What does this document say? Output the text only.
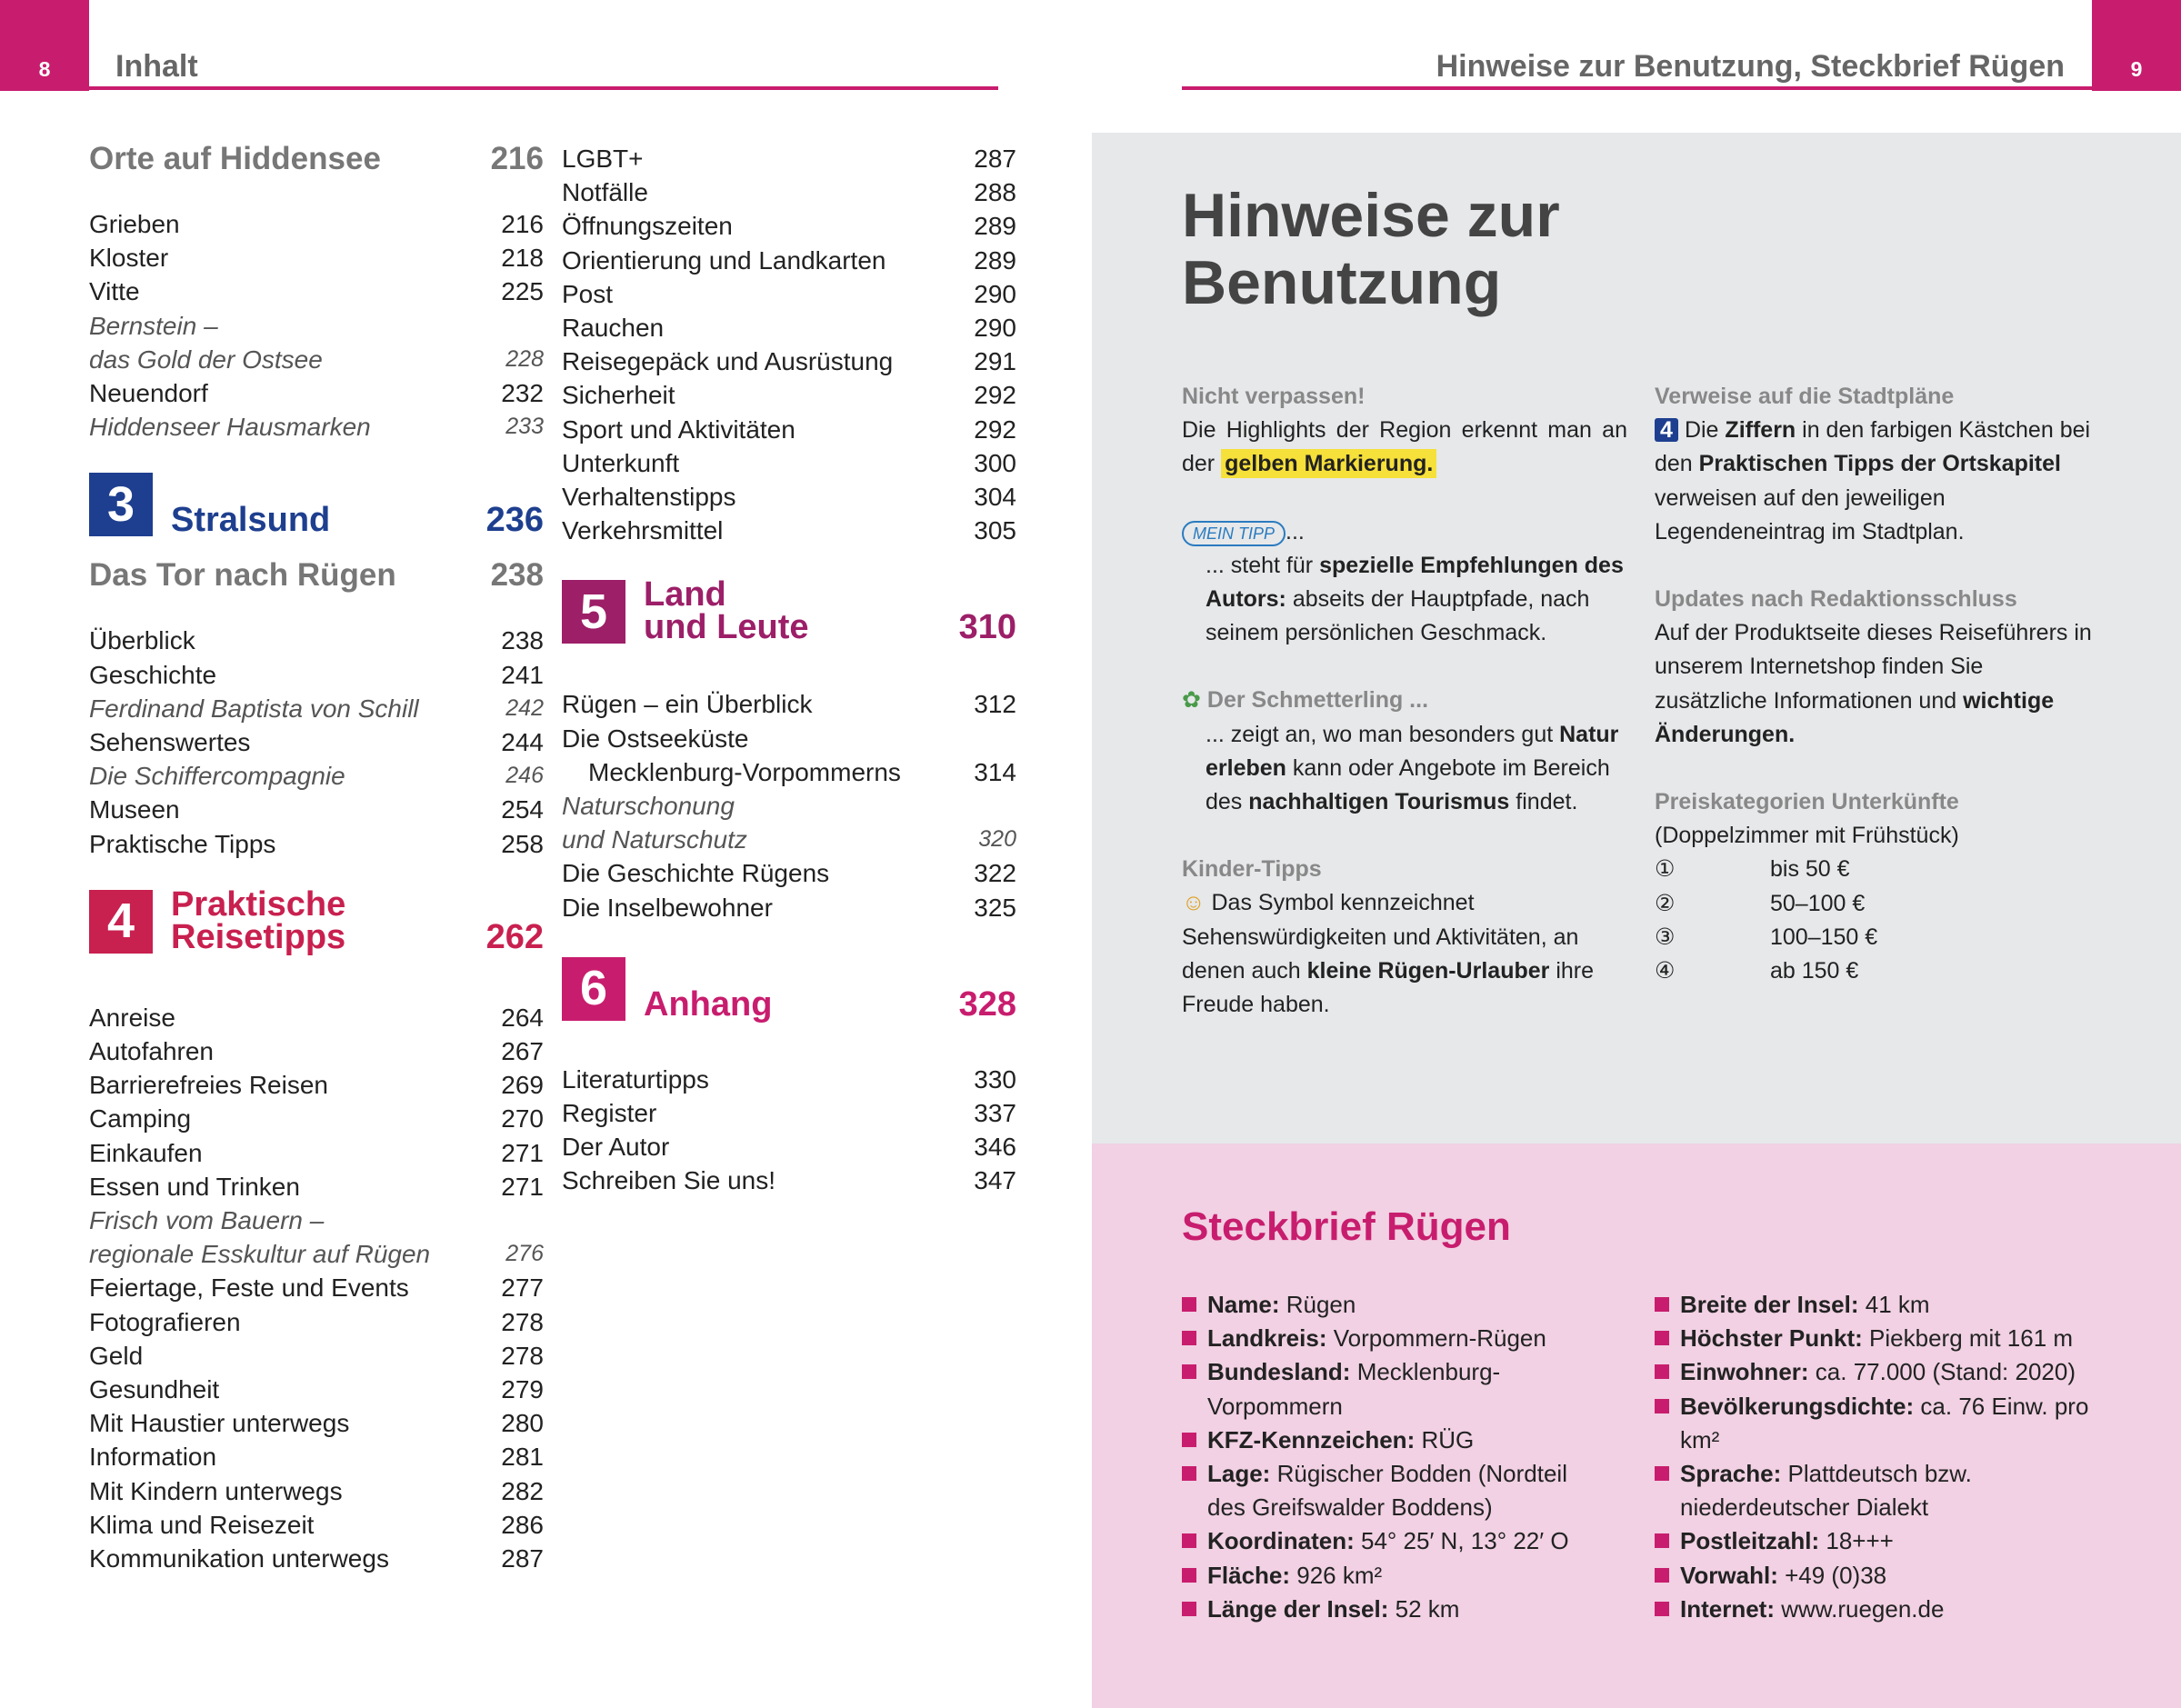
8	Inhalt	9
Hinweise zur Benutzung, Steckbrief Rügen
Orte auf Hiddensee	216
Grieben	216
Kloster	218
Vitte	225
Bernstein –
das Gold der Ostsee	228
Neuendorf	232
Hiddenseer Hausmarken	233
3	Stralsund	236
Das Tor nach Rügen	238
Überblick	238
Geschichte	241
Ferdinand Baptista von Schill	242
Sehenswertes	244
Die Schiffercompagnie	246
Museen	254
Praktische Tipps	258
4	Praktische
Reisetipps	262
Anreise	264
Autofahren	267
Barrierefreies Reisen	269
Camping	270
Einkaufen	271
Essen und Trinken	271
Frisch vom Bauern –
regionale Esskultur auf Rügen	276
Feiertage, Feste und Events	277
Fotografieren	278
Geld	278
Gesundheit	279
Mit Haustier unterwegs	280
Information	281
Mit Kindern unterwegs	282
Klima und Reisezeit	286
Kommunikation unterwegs	287
LGBT+	287
Notfälle	288
Öffnungszeiten	289
Orientierung und Landkarten	289
Post	290
Rauchen	290
Reisegepäck und Ausrüstung	291
Sicherheit	292
Sport und Aktivitäten	292
Unterkunft	300
Verhaltenstipps	304
Verkehrsmittel	305
5	Land
und Leute	310
Rügen – ein Überblick	312
Die Ostseeküste
Mecklenburg-Vorpommerns	314
Naturschonung
und Naturschutz	320
Die Geschichte Rügens	322
Die Inselbewohner	325
6	Anhang	328
Literaturtipps	330
Register	337
Der Autor	346
Schreiben Sie uns!	347
Hinweise zur
Benutzung
Nicht verpassen!
Die Highlights der Region erkennt man an der gelben Markierung.
MEIN TIPP ...
... steht für spezielle Empfehlungen des Autors: abseits der Hauptpfade, nach seinem persönlichen Geschmack.
✿ Der Schmetterling ...
... zeigt an, wo man besonders gut Natur erleben kann oder Angebote im Bereich des nachhaltigen Tourismus findet.
Kinder-Tipps
☺ Das Symbol kennzeichnet Sehenswürdigkeiten und Aktivitäten, an denen auch kleine Rügen-Urlauber ihre Freude haben.
Verweise auf die Stadtpläne
4 Die Ziffern in den farbigen Kästchen bei den Praktischen Tipps der Ortskapitel verweisen auf den jeweiligen Legendeneintrag im Stadtplan.
Updates nach Redaktionsschluss
Auf der Produktseite dieses Reiseführers in unserem Internetshop finden Sie zusätzliche Informationen und wichtige Änderungen.
Preiskategorien Unterkünfte
(Doppelzimmer mit Frühstück)
①	bis 50 €
②	50–100 €
③	100–150 €
④	ab 150 €
Steckbrief Rügen
Name: Rügen
Landkreis: Vorpommern-Rügen
Bundesland: Mecklenburg-Vorpommern
KFZ-Kennzeichen: RÜG
Lage: Rügischer Bodden (Nordteil des Greifswalder Boddens)
Koordinaten: 54° 25′ N, 13° 22′ O
Fläche: 926 km²
Länge der Insel: 52 km
Breite der Insel: 41 km
Höchster Punkt: Piekberg mit 161 m
Einwohner: ca. 77.000 (Stand: 2020)
Bevölkerungsdichte: ca. 76 Einw. pro km²
Sprache: Plattdeutsch bzw. niederdeutscher Dialekt
Postleitzahl: 18+++
Vorwahl: +49 (0)38
Internet: www.ruegen.de
